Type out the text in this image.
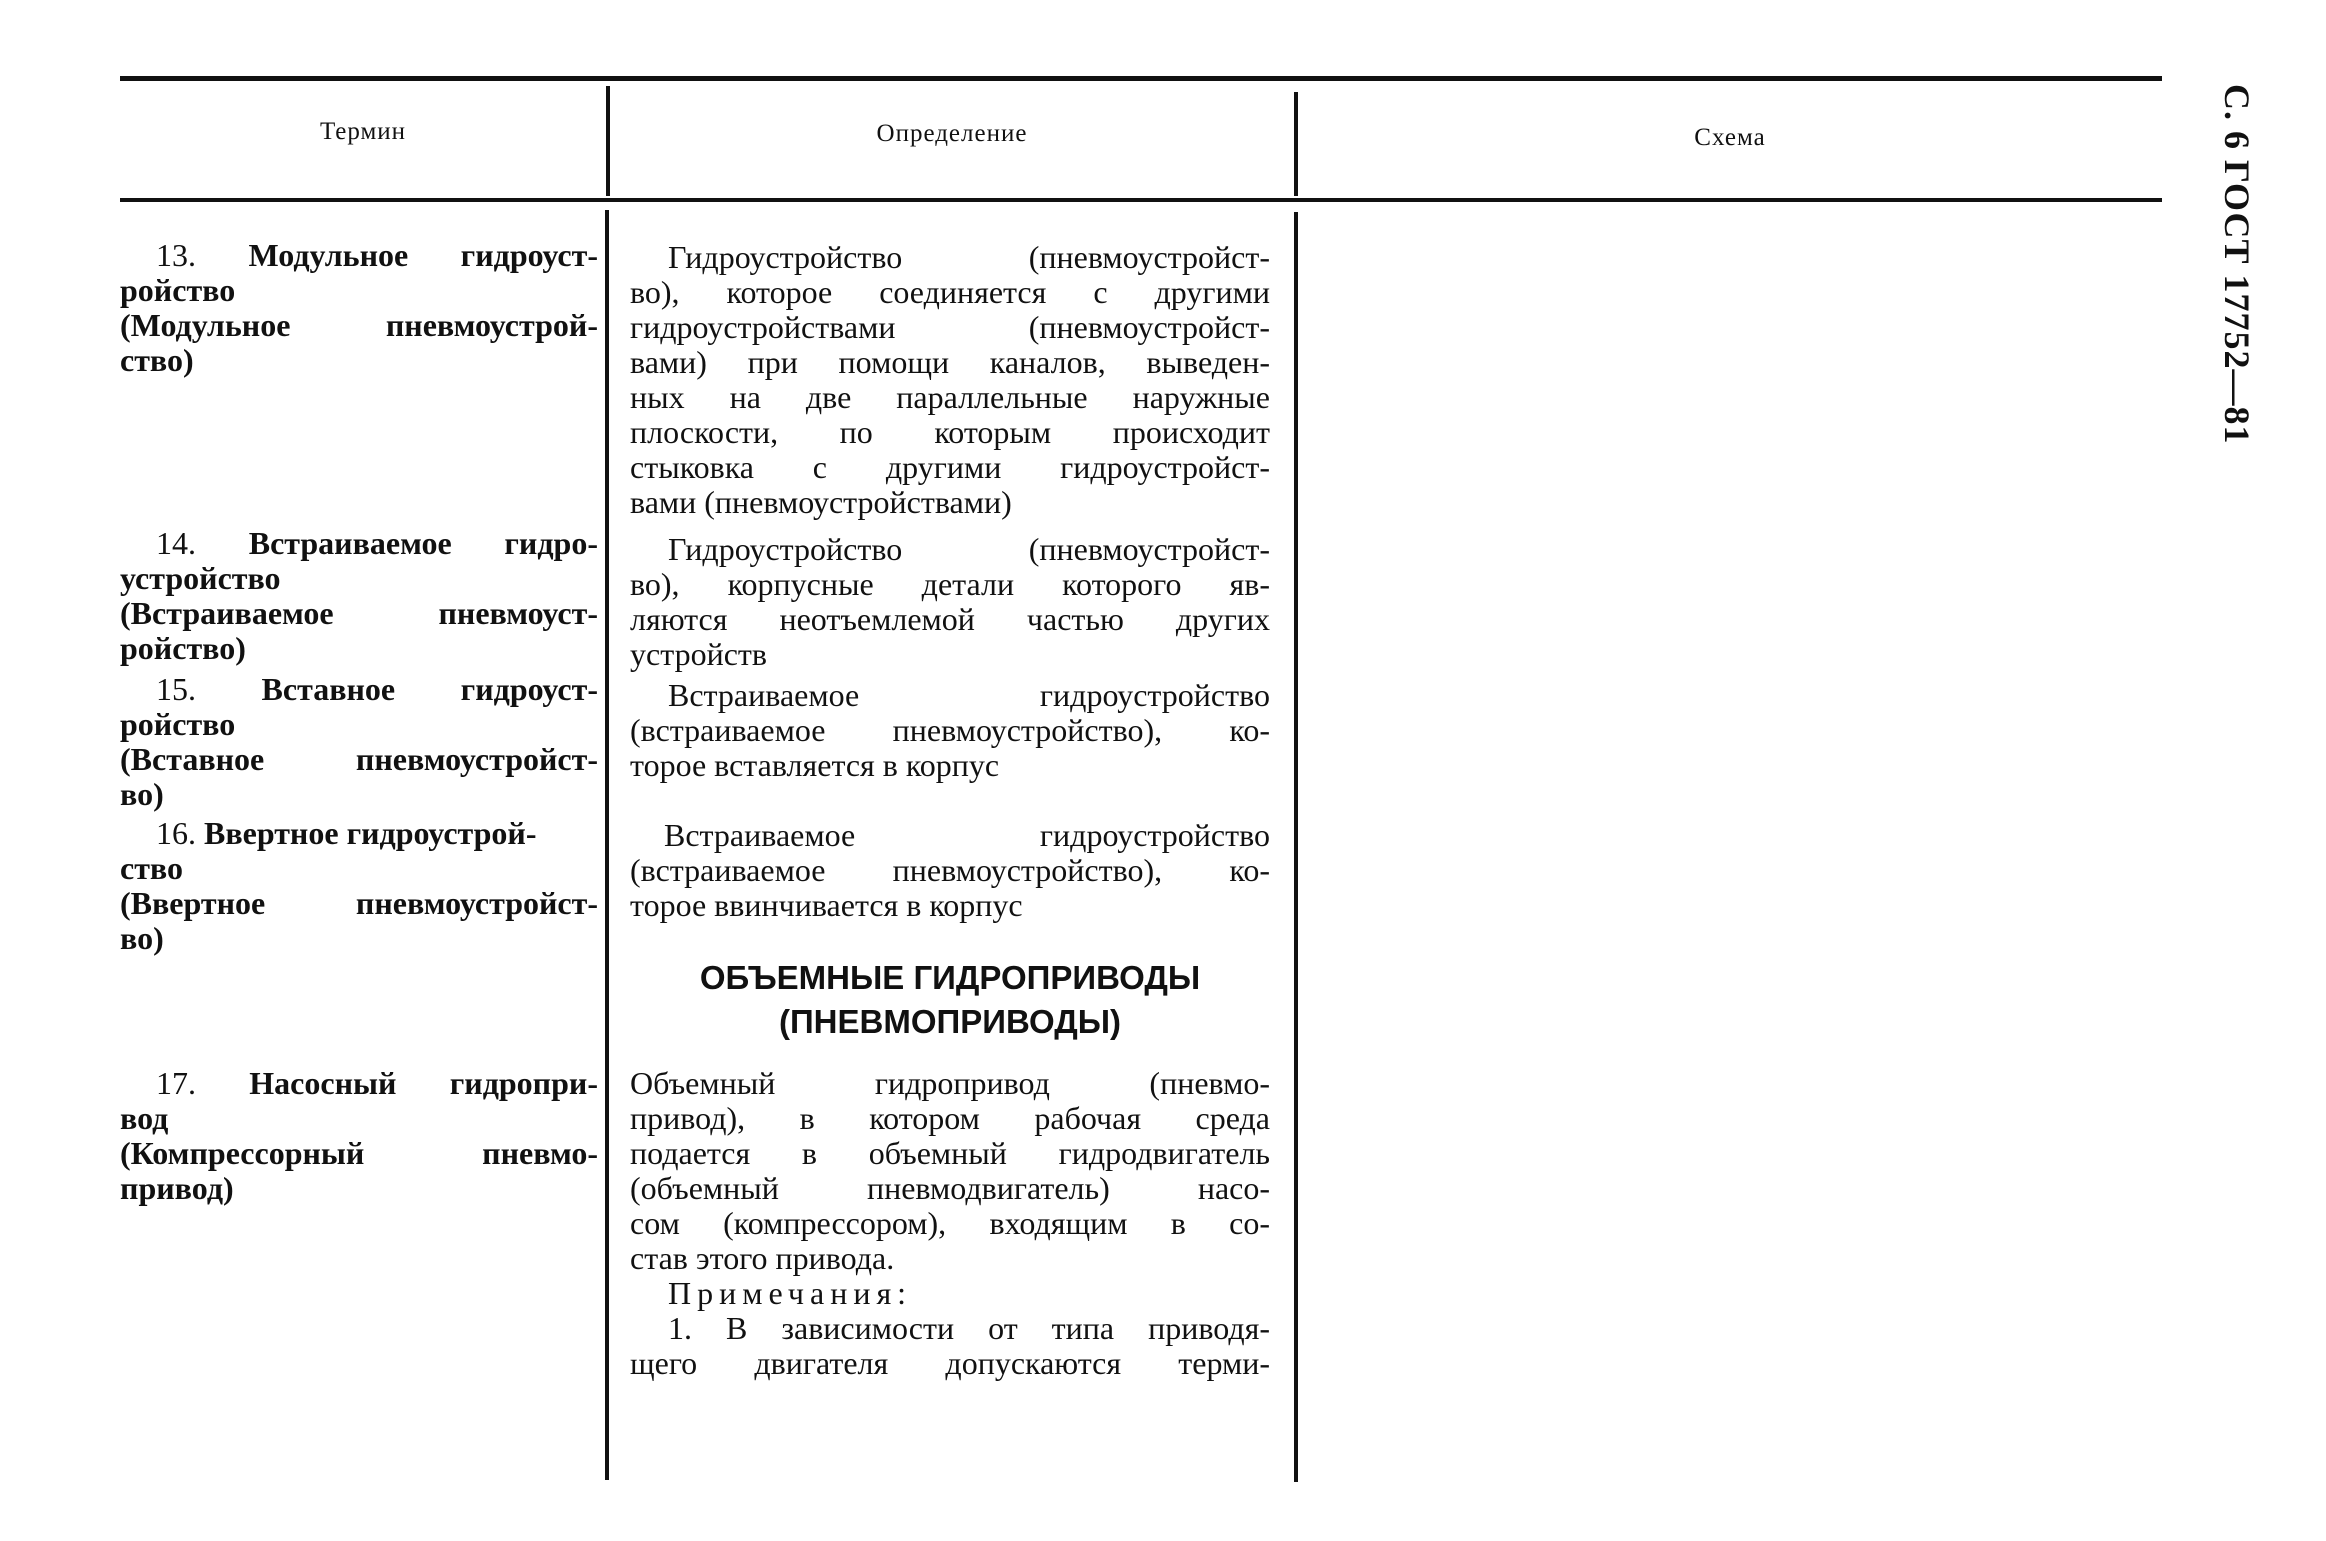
С. 6 ГОСТ 17752—81
Термин	Определение	Схема
13. Модульное гидроуст-
ройство
(Модульное пневмоустрой-
ство)
Гидроустройство (пневмоустройст-
во), которое соединяется с другими
гидроустройствами (пневмоустройст-
вами) при помощи каналов, выведен-
ных на две параллельные наружные
плоскости, по которым происходит
стыковка с другими гидроустройст-
вами (пневмоустройствами)
14. Встраиваемое гидро-
устройство
(Встраиваемое пневмоуст-
ройство)
Гидроустройство (пневмоустройст-
во), корпусные детали которого яв-
ляются неотъемлемой частью других
устройств
15. Вставное гидроуст-
ройство
(Вставное пневмоустройст-
во)
Встраиваемое гидроустройство
(встраиваемое пневмоустройство), ко-
торое вставляется в корпус
16. Ввертное гидроустрой-
ство
(Ввертное пневмоустройст-
во)
Встраиваемое гидроустройство
(встраиваемое пневмоустройство), ко-
торое ввинчивается в корпус
ОБЪЕМНЫЕ ГИДРОПРИВОДЫ
(ПНЕВМОПРИВОДЫ)
17. Насосный гидропри-
вод
(Компрессорный пневмо-
привод)
Объемный гидропривод (пневмо-
привод), в котором рабочая среда
подается в объемный гидродвигатель
(объемный пневмодвигатель) насо-
сом (компрессором), входящим в со-
став этого привода.
Примечания:
1. В зависимости от типа приводя-
щего двигателя допускаются терми-
